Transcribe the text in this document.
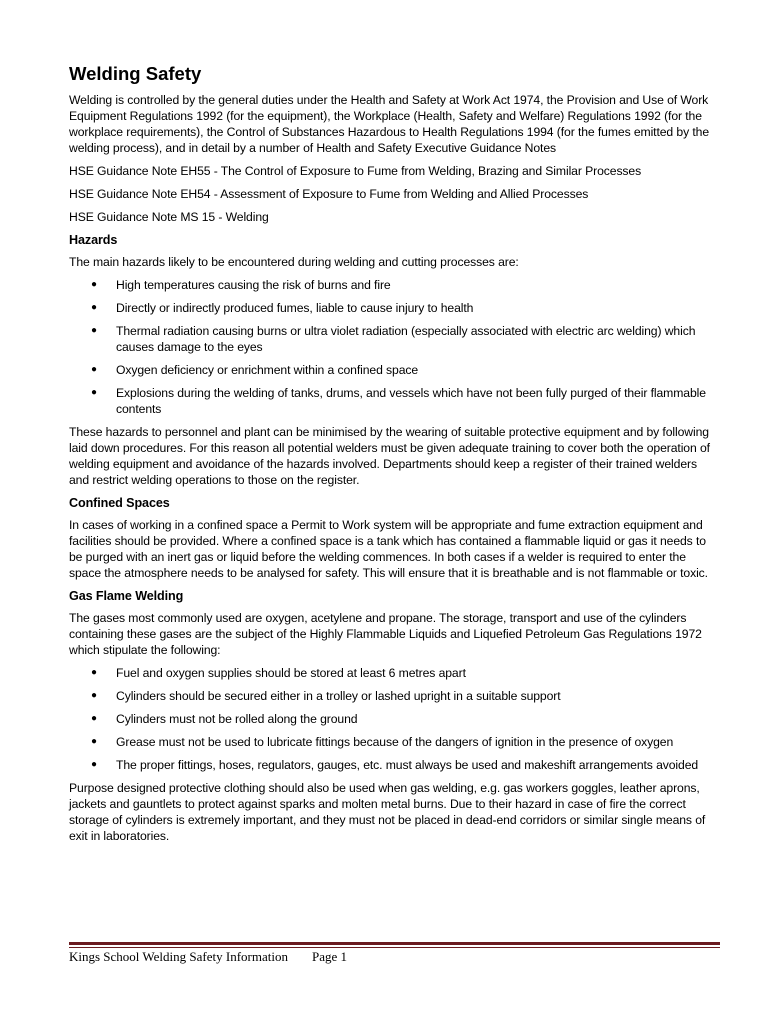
Welding Safety

Welding is controlled by the general duties under the Health and Safety at Work Act 1974, the Provision and Use of Work Equipment Regulations 1992 (for the equipment), the Workplace (Health, Safety and Welfare) Regulations 1992 (for the workplace requirements), the Control of Substances Hazardous to Health Regulations 1994 (for the fumes emitted by the welding process), and in detail by a number of Health and Safety Executive Guidance Notes

HSE Guidance Note EH55 - The Control of Exposure to Fume from Welding, Brazing and Similar Processes

HSE Guidance Note EH54 - Assessment of Exposure to Fume from Welding and Allied Processes

HSE Guidance Note MS 15 - Welding

Hazards

The main hazards likely to be encountered during welding and cutting processes are:

● High temperatures causing the risk of burns and fire
● Directly or indirectly produced fumes, liable to cause injury to health
● Thermal radiation causing burns or ultra violet radiation (especially associated with electric arc welding) which causes damage to the eyes
● Oxygen deficiency or enrichment within a confined space
● Explosions during the welding of tanks, drums, and vessels which have not been fully purged of their flammable contents

These hazards to personnel and plant can be minimised by the wearing of suitable protective equipment and by following laid down procedures. For this reason all potential welders must be given adequate training to cover both the operation of welding equipment and avoidance of the hazards involved. Departments should keep a register of their trained welders and restrict welding operations to those on the register.

Confined Spaces

In cases of working in a confined space a Permit to Work system will be appropriate and fume extraction equipment and facilities should be provided. Where a confined space is a tank which has contained a flammable liquid or gas it needs to be purged with an inert gas or liquid before the welding commences. In both cases if a welder is required to enter the space the atmosphere needs to be analysed for safety. This will ensure that it is breathable and is not flammable or toxic.

Gas Flame Welding

The gases most commonly used are oxygen, acetylene and propane. The storage, transport and use of the cylinders containing these gases are the subject of the Highly Flammable Liquids and Liquefied Petroleum Gas Regulations 1972 which stipulate the following:

● Fuel and oxygen supplies should be stored at least 6 metres apart
● Cylinders should be secured either in a trolley or lashed upright in a suitable support
● Cylinders must not be rolled along the ground
● Grease must not be used to lubricate fittings because of the dangers of ignition in the presence of oxygen
● The proper fittings, hoses, regulators, gauges, etc. must always be used and makeshift arrangements avoided

Purpose designed protective clothing should also be used when gas welding, e.g. gas workers goggles, leather aprons, jackets and gauntlets to protect against sparks and molten metal burns. Due to their hazard in case of fire the correct storage of cylinders is extremely important, and they must not be placed in dead-end corridors or similar single means of exit in laboratories.

Kings School Welding Safety Information Page 1
